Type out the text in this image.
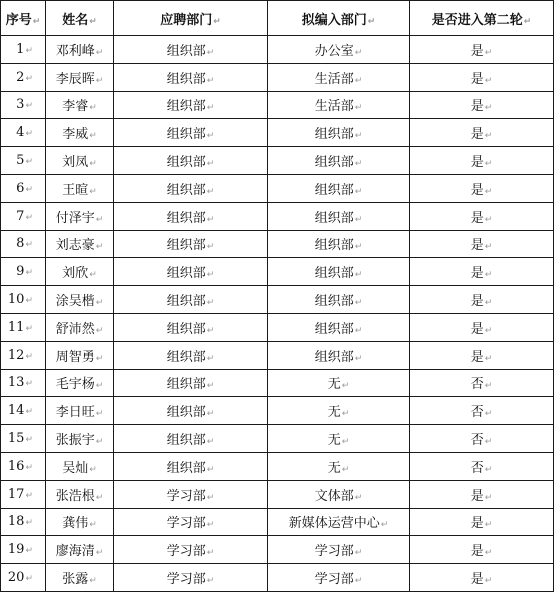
序号↵	姓名↵	应聘部门↵	拟编入部门↵	是否进入第二轮↵
1↵	邓利峰↵	组织部↵	办公室↵	是↵
2↵	李辰晖↵	组织部↵	生活部↵	是↵
3↵	李睿↵	组织部↵	生活部↵	是↵
4↵	李威↵	组织部↵	组织部↵	是↵
5↵	刘凤↵	组织部↵	组织部↵	是↵
6↵	王暄↵	组织部↵	组织部↵	是↵
7↵	付泽宇↵	组织部↵	组织部↵	是↵
8↵	刘志豪↵	组织部↵	组织部↵	是↵
9↵	刘欣↵	组织部↵	组织部↵	是↵
10↵	涂吴楷↵	组织部↵	组织部↵	是↵
11↵	舒沛然↵	组织部↵	组织部↵	是↵
12↵	周智勇↵	组织部↵	组织部↵	是↵
13↵	毛宇杨↵	组织部↵	无↵	否↵
14↵	李日旺↵	组织部↵	无↵	否↵
15↵	张振宇↵	组织部↵	无↵	否↵
16↵	吴灿↵	组织部↵	无↵	否↵
17↵	张浩根↵	学习部↵	文体部↵	是↵
18↵	龚伟↵	学习部↵	新媒体运营中心↵	是↵
19↵	廖海清↵	学习部↵	学习部↵	是↵
20↵	张露↵	学习部↵	学习部↵	是↵
